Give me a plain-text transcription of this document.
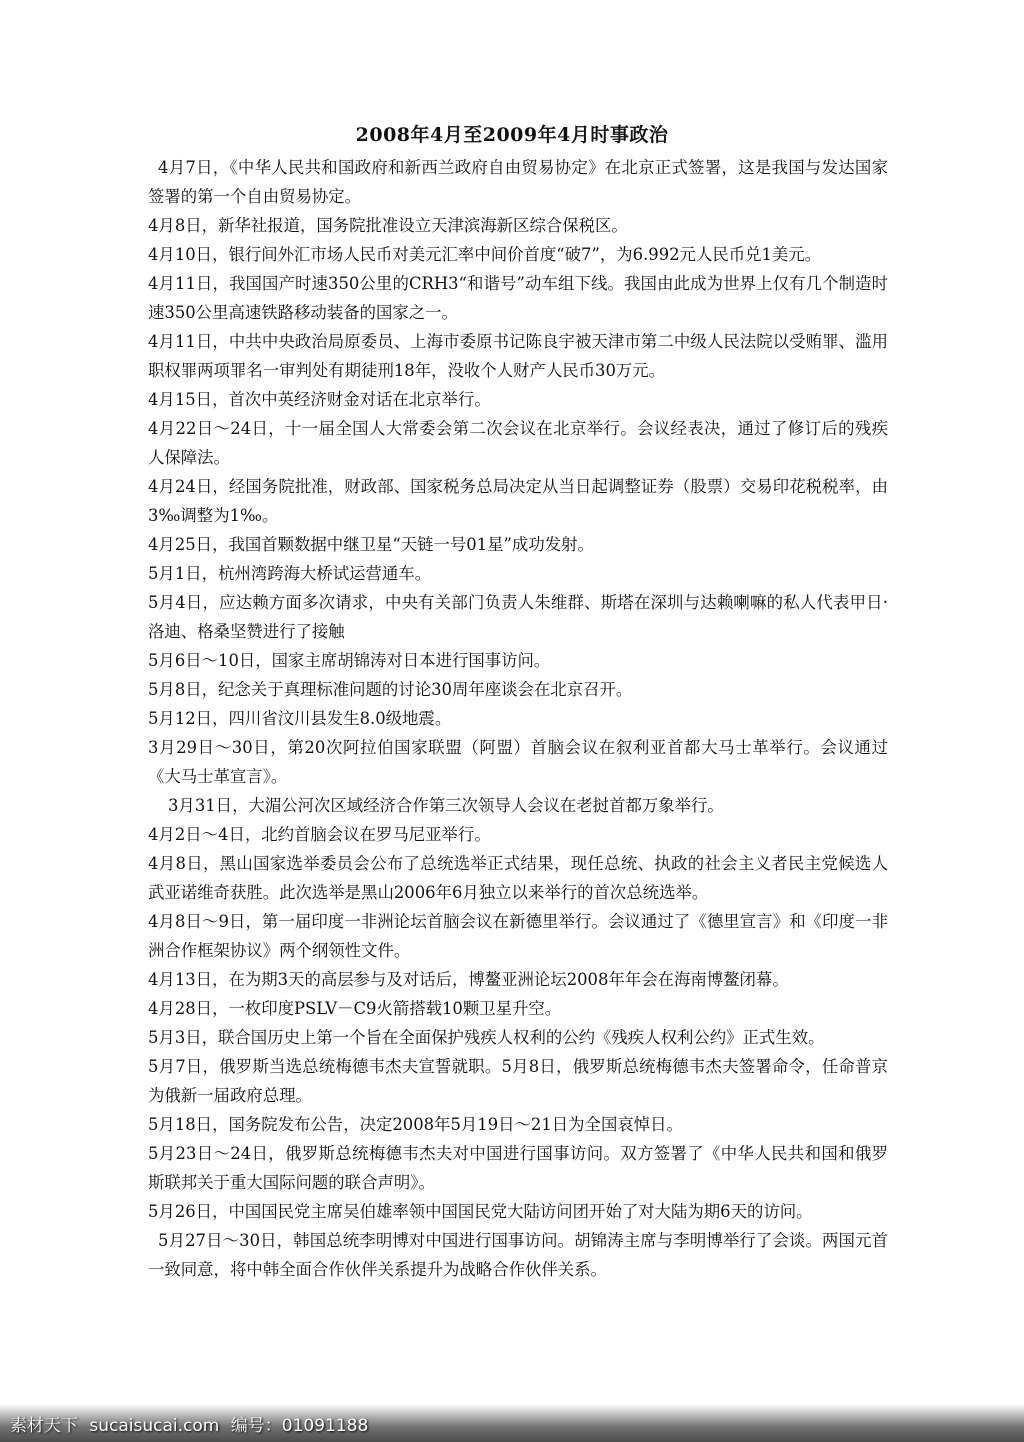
2008年4月至2009年4月时事政治

4月7日，《中华人民共和国政府和新西兰政府自由贸易协定》在北京正式签署，这是我国与发达国家签署的第一个自由贸易协定。

4月8日，新华社报道，国务院批准设立天津滨海新区综合保税区。

4月10日，银行间外汇市场人民币对美元汇率中间价首度“破7”，为6.992元人民币兑1美元。

4月11日，我国国产时速350公里的CRH3“和谐号”动车组下线。我国由此成为世界上仅有几个制造时速350公里高速铁路移动装备的国家之一。

4月11日，中共中央政治局原委员、上海市委原书记陈良宇被天津市第二中级人民法院以受贿罪、滥用职权罪两项罪名一审判处有期徒刑18年，没收个人财产人民币30万元。

4月15日，首次中英经济财金对话在北京举行。

4月22日～24日，十一届全国人大常委会第二次会议在北京举行。会议经表决，通过了修订后的残疾人保障法。

4月24日，经国务院批准，财政部、国家税务总局决定从当日起调整证券（股票）交易印花税税率，由3‰调整为1‰。

4月25日，我国首颗数据中继卫星“天链一号01星”成功发射。

5月1日，杭州湾跨海大桥试运营通车。

5月4日，应达赖方面多次请求，中央有关部门负责人朱维群、斯塔在深圳与达赖喇嘛的私人代表甲日·洛迪、格桑坚赞进行了接触

5月6日～10日，国家主席胡锦涛对日本进行国事访问。

5月8日，纪念关于真理标准问题的讨论30周年座谈会在北京召开。

5月12日，四川省汶川县发生8.0级地震。

3月29日～30日，第20次阿拉伯国家联盟（阿盟）首脑会议在叙利亚首都大马士革举行。会议通过《大马士革宣言》。

3月31日，大湄公河次区域经济合作第三次领导人会议在老挝首都万象举行。

4月2日～4日，北约首脑会议在罗马尼亚举行。

4月8日，黑山国家选举委员会公布了总统选举正式结果，现任总统、执政的社会主义者民主党候选人武亚诺维奇获胜。此次选举是黑山2006年6月独立以来举行的首次总统选举。

4月8日～9日，第一届印度一非洲论坛首脑会议在新德里举行。会议通过了《德里宣言》和《印度一非洲合作框架协议》两个纲领性文件。

4月13日，在为期3天的高层参与及对话后，博鳌亚洲论坛2008年年会在海南博鳌闭幕。

4月28日，一枚印度PSLV－C9火箭搭载10颗卫星升空。

5月3日，联合国历史上第一个旨在全面保护残疾人权利的公约《残疾人权利公约》正式生效。

5月7日，俄罗斯当选总统梅德韦杰夫宣誓就职。5月8日，俄罗斯总统梅德韦杰夫签署命令，任命普京为俄新一届政府总理。

5月18日，国务院发布公告，决定2008年5月19日～21日为全国哀悼日。

5月23日～24日，俄罗斯总统梅德韦杰夫对中国进行国事访问。双方签署了《中华人民共和国和俄罗斯联邦关于重大国际问题的联合声明》。

5月26日，中国国民党主席吴伯雄率领中国国民党大陆访问团开始了对大陆为期6天的访问。

5月27日～30日，韩国总统李明博对中国进行国事访问。胡锦涛主席与李明博举行了会谈。两国元首一致同意，将中韩全面合作伙伴关系提升为战略合作伙伴关系。

素材天下 sucaisucai.com 编号：01091188
